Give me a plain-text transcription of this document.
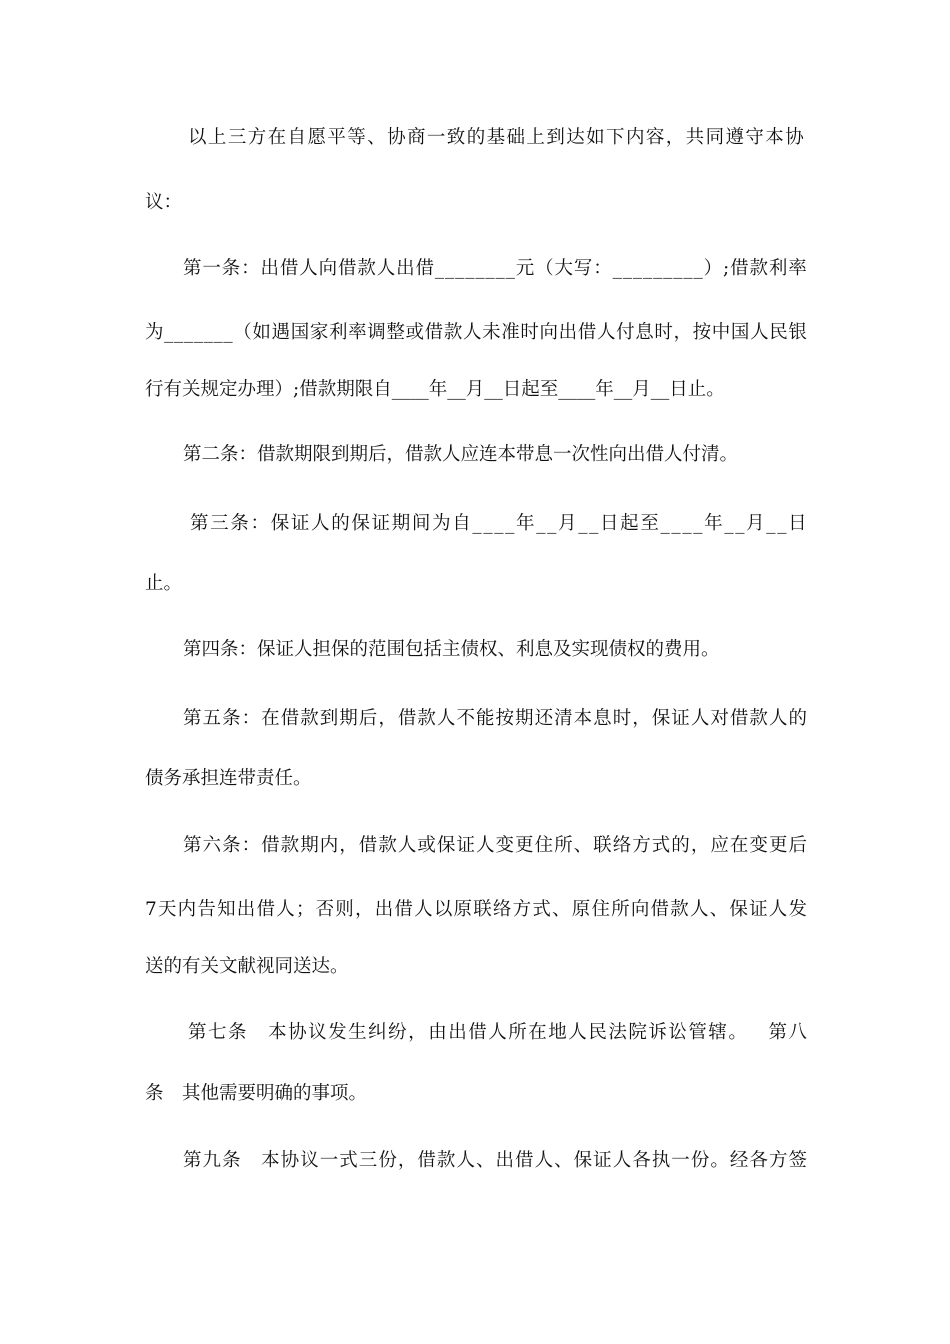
以 上 三 方 在 自 愿 平 等 、 协 商 一 致 的 基 础 上 到 达 如 下 内 容 ， 共 同 遵 守 本 协
议：
第 一 条 ： 出 借 人 向 借 款 人 出 借 _ _ _ _ _ _ _ _ 元 （ 大 写 ： _ _ _ _ _ _ _ _ _ ） ; 借 款 利 率
为 _ _ _ _ _ _ _ （ 如 遇 国 家 利 率 调 整 或 借 款 人 未 准 时 向 出 借 人 付 息 时 ， 按 中 国 人 民 银
行有关规定办理）;借款期限自____年__月__日起至____年__月__日止。
第二条：借款期限到期后，借款人应连本带息一次性向出借人付清。
第 三 条 ： 保 证 人 的 保 证 期 间 为 自 _ _ _ _ 年 _ _ 月 _ _ 日 起 至 _ _ _ _ 年 _ _ 月 _ _ 日
止。
第四条：保证人担保的范围包括主债权、利息及实现债权的费用。
第 五 条 ： 在 借 款 到 期 后 ， 借 款 人 不 能 按 期 还 清 本 息 时 ， 保 证 人 对 借 款 人 的
债务承担连带责任。
第 六 条 ： 借 款 期 内 ， 借 款 人 或 保 证 人 变 更 住 所 、 联 络 方 式 的 ， 应 在 变 更 后
7 天 内 告 知 出 借 人 ； 否 则 ， 出 借 人 以 原 联 络 方 式 、 原 住 所 向 借 款 人 、 保 证 人 发
送的有关文献视同送达。
第 七 条
　 本 协 议 发 生 纠 纷 ， 由 出 借 人 所 在 地 人 民 法 院 诉 讼 管 辖 。
　 第 八
条　其他需要明确的事项。
第 九 条
　 本 协 议 一 式 三 份 ， 借 款 人 、 出 借 人 、 保 证 人 各 执 一 份 。 经 各 方 签
